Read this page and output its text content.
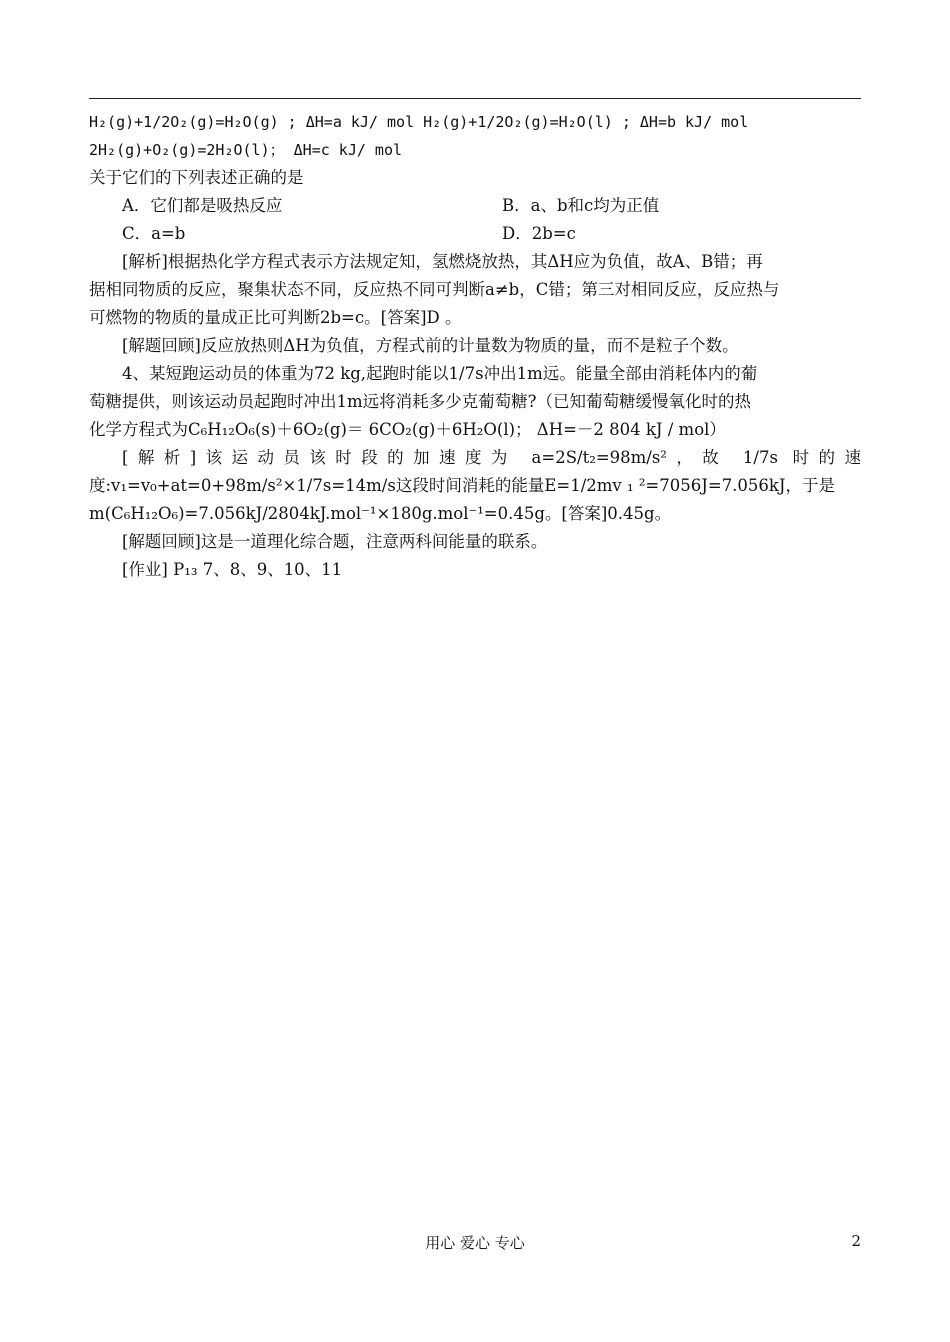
H₂(g)+1/2O₂(g)=H₂O(g) ; ΔH=a kJ/ mol H₂(g)+1/2O₂(g)=H₂O(l) ; ΔH=b kJ/ mol
2H₂(g)+O₂(g)=2H₂O(l)； ΔH=c kJ/ mol
关于它们的下列表述正确的是
A．它们都是吸热反应	B．a、b和c均为正值
C．a=b	D．2b=c
[解析]根据热化学方程式表示方法规定知，氢燃烧放热，其ΔH应为负值，故A、B错；再
据相同物质的反应，聚集状态不同，反应热不同可判断a≠b，C错；第三对相同反应，反应热与
可燃物的物质的量成正比可判断2b=c。[答案]D 。
[解题回顾]反应放热则ΔH为负值，方程式前的计量数为物质的量，而不是粒子个数。
4、某短跑运动员的体重为72 kg,起跑时能以1/7s冲出1m远。能量全部由消耗体内的葡
萄糖提供，则该运动员起跑时冲出1m远将消耗多少克葡萄糖?（已知葡萄糖缓慢氧化时的热
化学方程式为C₆H₁₂O₆(s)＋6O₂(g)＝ 6CO₂(g)＋6H₂O(l)； ΔH=－2 804 kJ / mol）
[解析]该运动员该时段的加速度为 a=2S/t₂=98m/s²，故 1/7s 时的速
度:v₁=v₀+at=0+98m/s²×1/7s=14m/s这段时间消耗的能量E=1/2mv ₁ ²=7056J=7.056kJ，于是
m(C₆H₁₂O₆)=7.056kJ/2804kJ.mol⁻¹×180g.mol⁻¹=0.45g。[答案]0.45g。
[解题回顾]这是一道理化综合题，注意两科间能量的联系。
[作业] P₁₃ 7、8、9、10、11
用心 爱心 专心	2
